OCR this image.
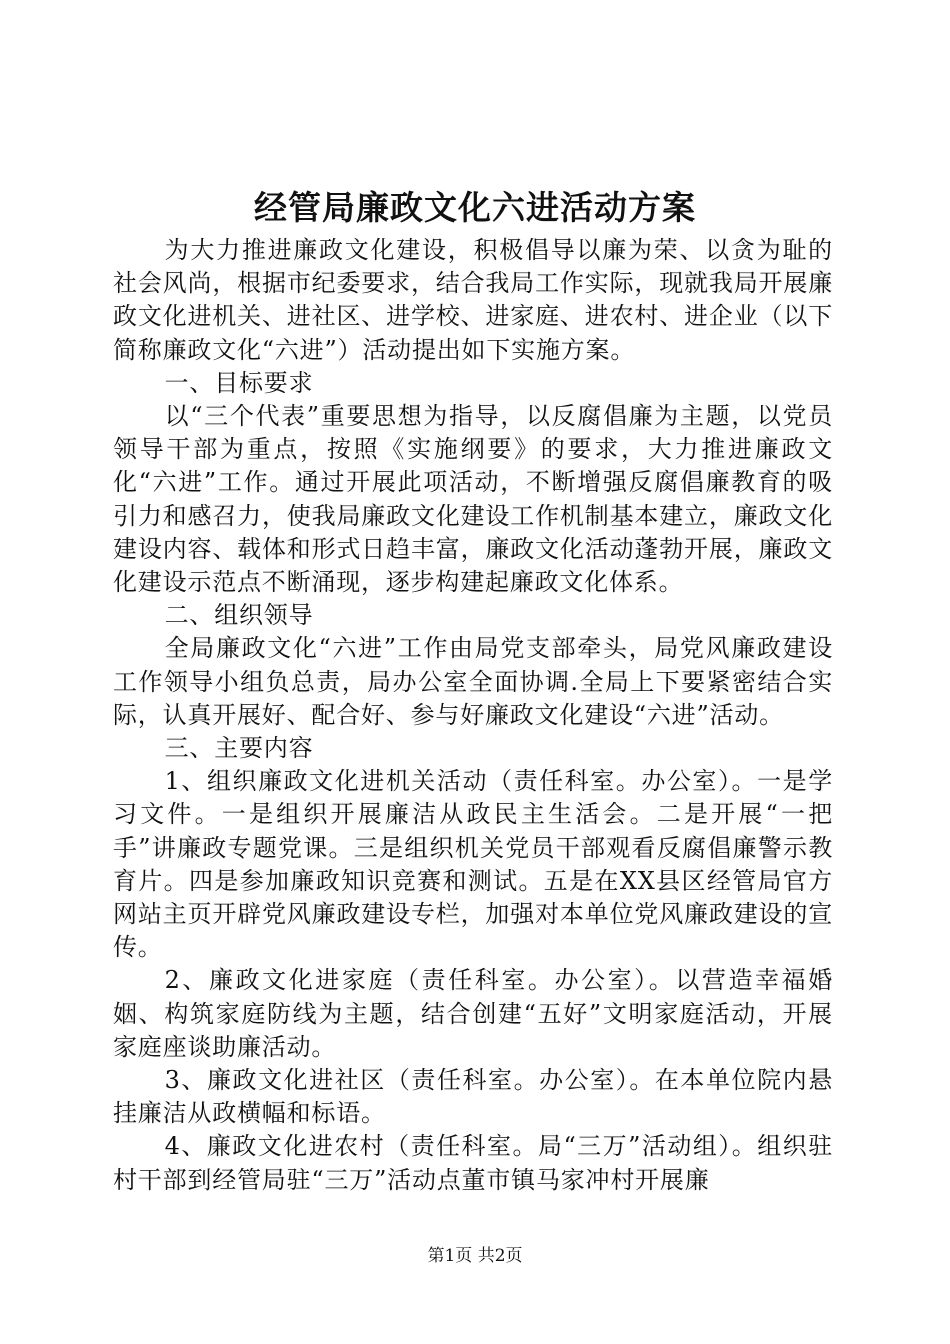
经管局廉政文化六进活动方案

为大力推进廉政文化建设，积极倡导以廉为荣、以贪为耻的社会风尚，根据市纪委要求，结合我局工作实际，现就我局开展廉政文化进机关、进社区、进学校、进家庭、进农村、进企业（以下简称廉政文化“六进”）活动提出如下实施方案。

一、目标要求

以“三个代表”重要思想为指导，以反腐倡廉为主题，以党员领导干部为重点，按照《实施纲要》的要求，大力推进廉政文化“六进”工作。通过开展此项活动，不断增强反腐倡廉教育的吸引力和感召力，使我局廉政文化建设工作机制基本建立，廉政文化建设内容、载体和形式日趋丰富，廉政文化活动蓬勃开展，廉政文化建设示范点不断涌现，逐步构建起廉政文化体系。

二、组织领导

全局廉政文化“六进”工作由局党支部牵头，局党风廉政建设工作领导小组负总责，局办公室全面协调.全局上下要紧密结合实际，认真开展好、配合好、参与好廉政文化建设“六进”活动。

三、主要内容

1、组织廉政文化进机关活动（责任科室。办公室）。一是学习文件。一是组织开展廉洁从政民主生活会。二是开展“一把手”讲廉政专题党课。三是组织机关党员干部观看反腐倡廉警示教育片。四是参加廉政知识竞赛和测试。五是在XX县区经管局官方网站主页开辟党风廉政建设专栏，加强对本单位党风廉政建设的宣传。

2、廉政文化进家庭（责任科室。办公室）。以营造幸福婚姻、构筑家庭防线为主题，结合创建“五好”文明家庭活动，开展家庭座谈助廉活动。

3、廉政文化进社区（责任科室。办公室）。在本单位院内悬挂廉洁从政横幅和标语。

4、廉政文化进农村（责任科室。局“三万”活动组）。组织驻村干部到经管局驻“三万”活动点董市镇马家冲村开展廉

第1页 共2页
